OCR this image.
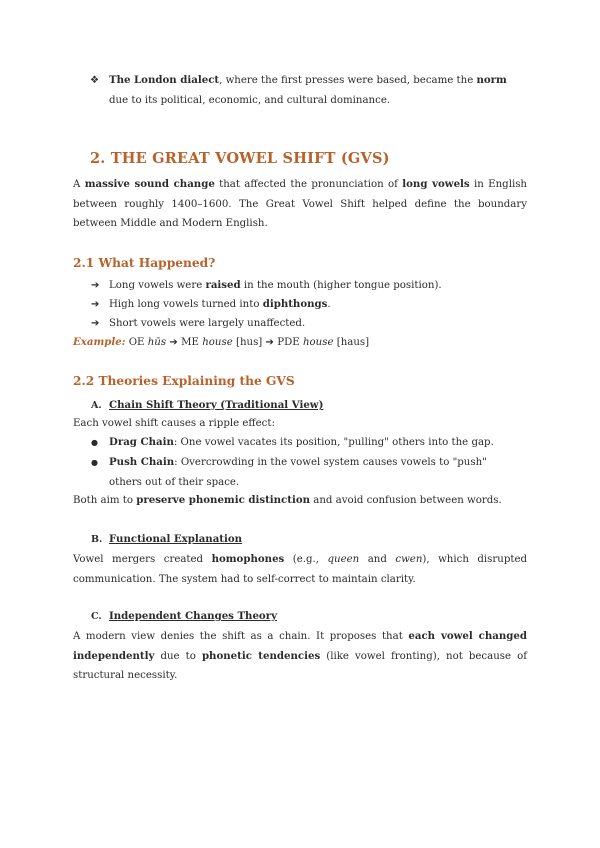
❖ The London dialect, where the first presses were based, became the norm due to its political, economic, and cultural dominance.

2. THE GREAT VOWEL SHIFT (GVS)

A massive sound change that affected the pronunciation of long vowels in English between roughly 1400–1600. The Great Vowel Shift helped define the boundary between Middle and Modern English.

2.1 What Happened?
➔ Long vowels were raised in the mouth (higher tongue position).

➔ High long vowels turned into diphthongs.

➔ Short vowels were largely unaffected.

Example: OE hūs ➔ ME house [hus] ➔ PDE house [haus]

2.2 Theories Explaining the GVS
A. Chain Shift Theory (Traditional View)

Each vowel shift causes a ripple effect:

● Drag Chain: One vowel vacates its position, "pulling" others into the gap.

● Push Chain: Overcrowding in the vowel system causes vowels to "push" others out of their space.

Both aim to preserve phonemic distinction and avoid confusion between words.

B. Functional Explanation

Vowel mergers created homophones (e.g., queen and cwen), which disrupted communication. The system had to self-correct to maintain clarity.

C. Independent Changes Theory

A modern view denies the shift as a chain. It proposes that each vowel changed independently due to phonetic tendencies (like vowel fronting), not because of structural necessity.
